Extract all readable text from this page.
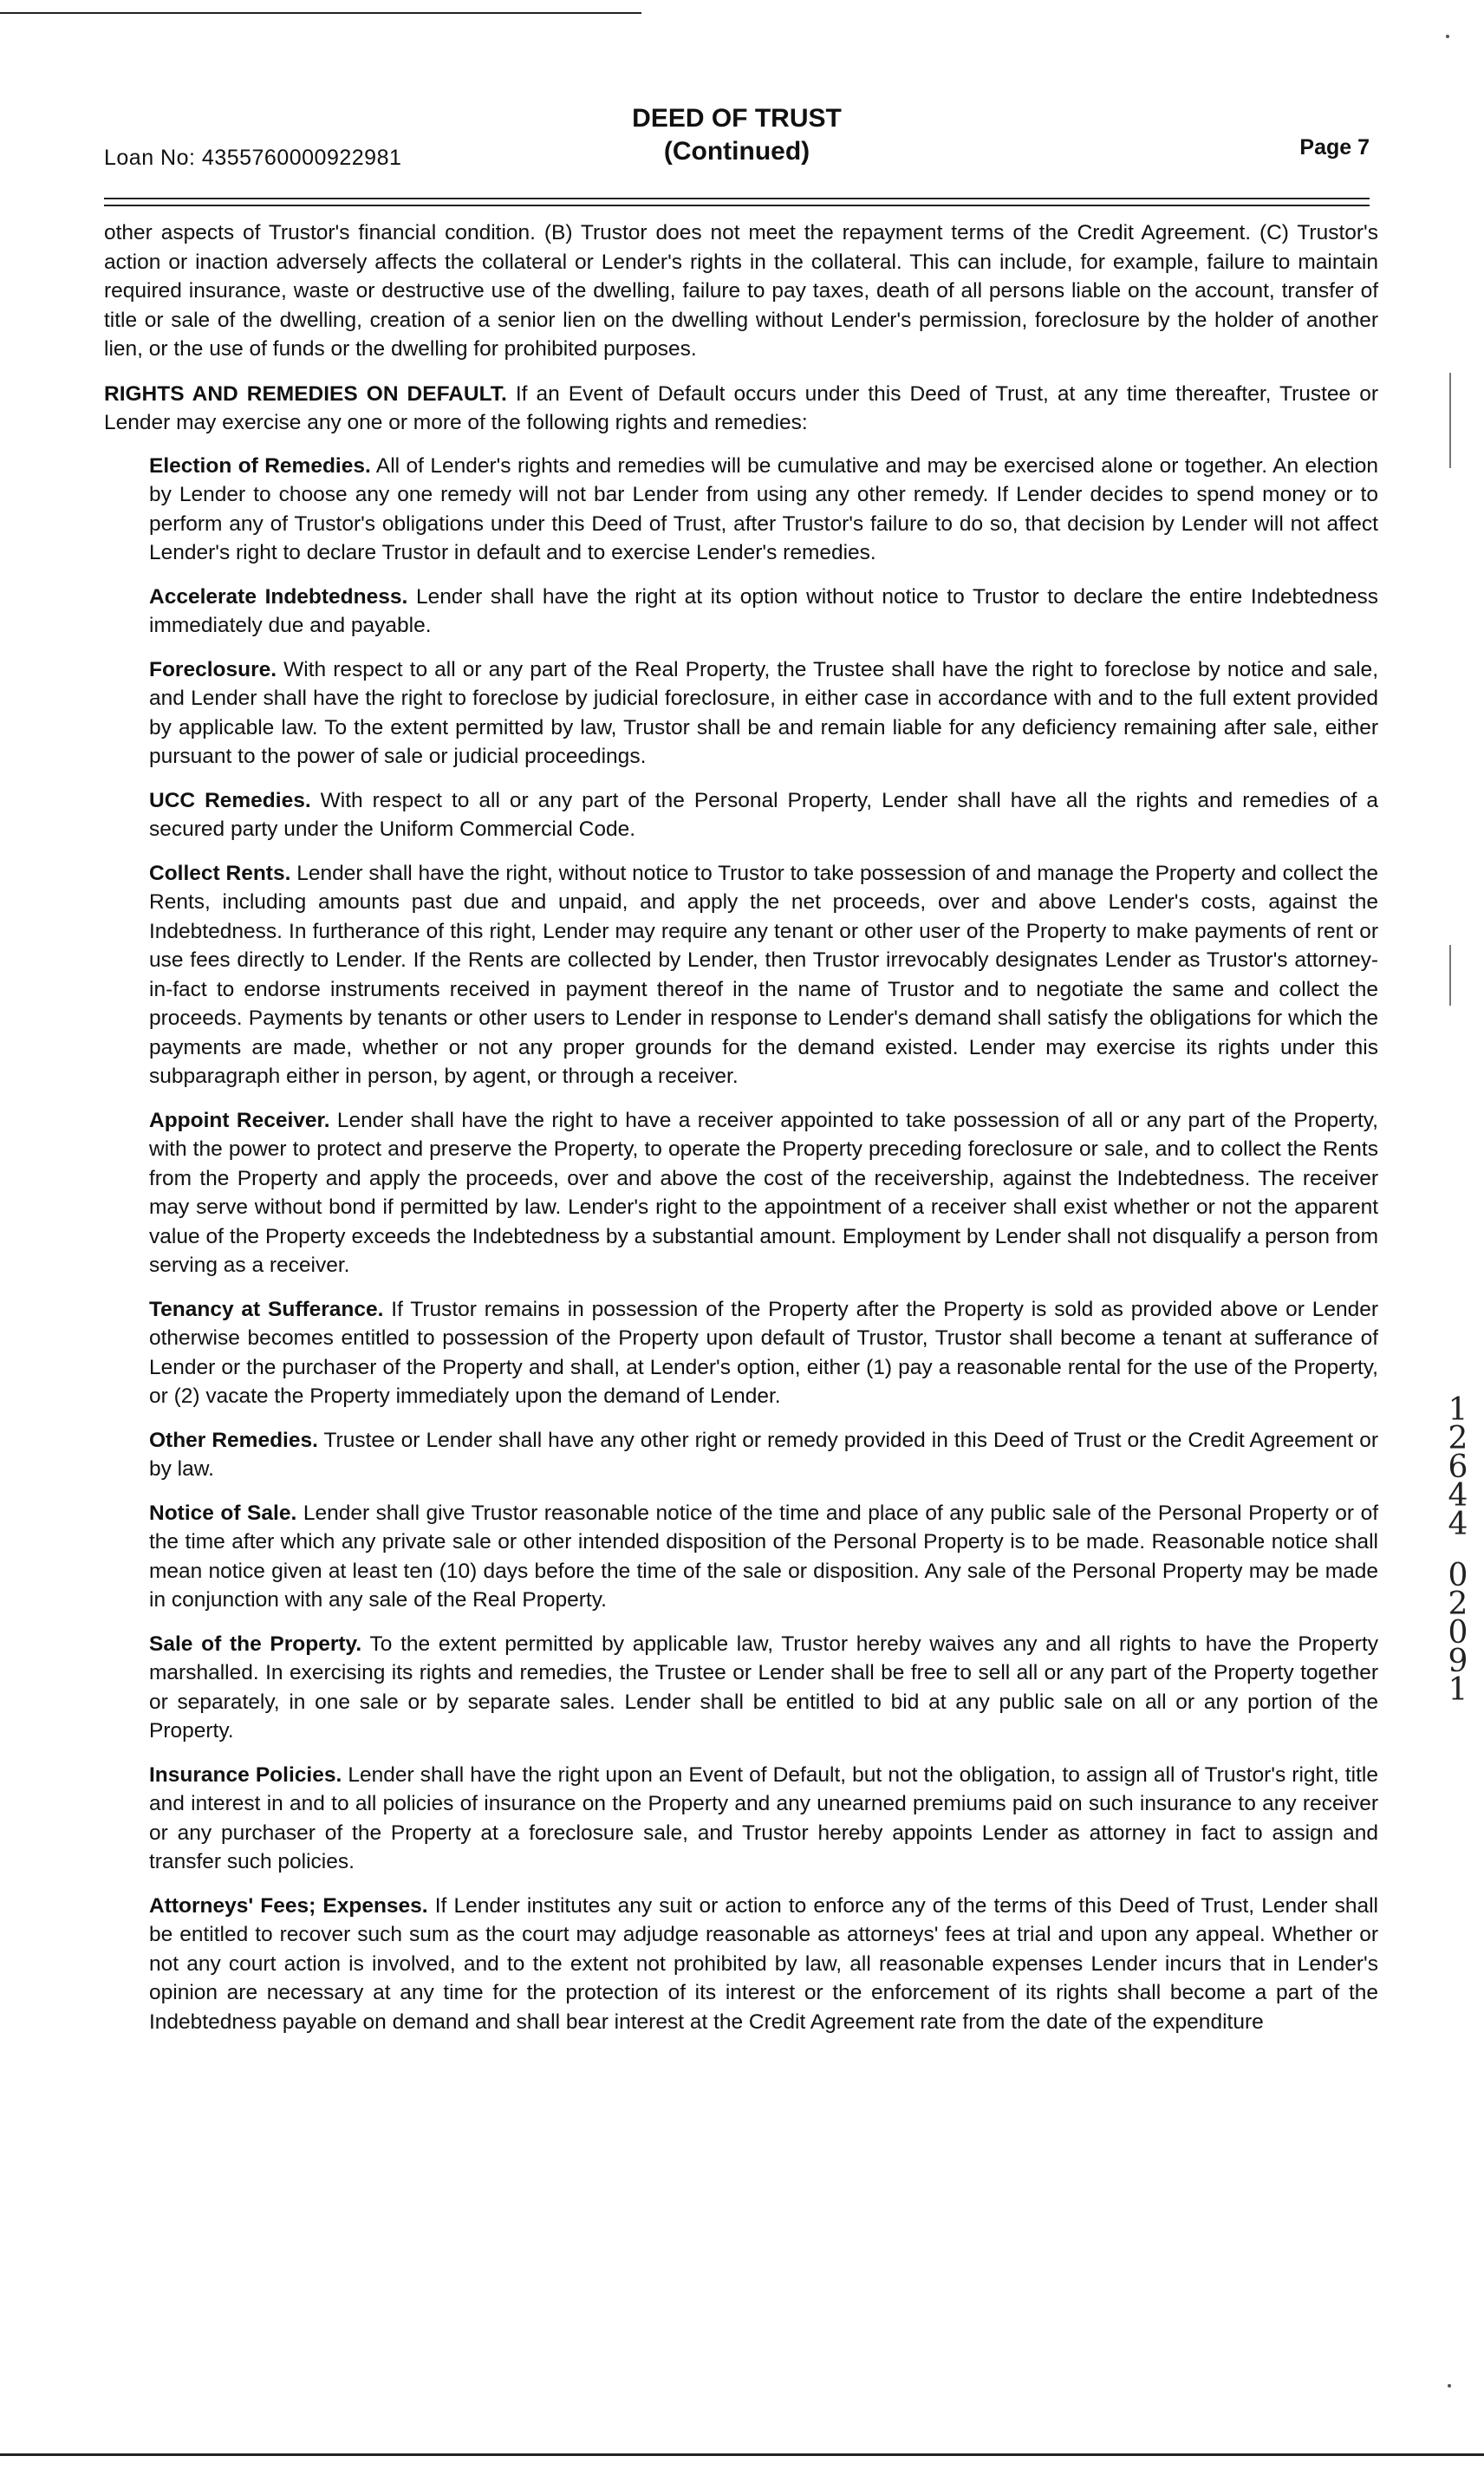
Loan No: 4355760000922981
DEED OF TRUST
(Continued)	Page 7

other aspects of Trustor's financial condition. (B) Trustor does not meet the repayment terms of the Credit Agreement. (C) Trustor's action or inaction adversely affects the collateral or Lender's rights in the collateral. This can include, for example, failure to maintain required insurance, waste or destructive use of the dwelling, failure to pay taxes, death of all persons liable on the account, transfer of title or sale of the dwelling, creation of a senior lien on the dwelling without Lender's permission, foreclosure by the holder of another lien, or the use of funds or the dwelling for prohibited purposes.

RIGHTS AND REMEDIES ON DEFAULT. If an Event of Default occurs under this Deed of Trust, at any time thereafter, Trustee or Lender may exercise any one or more of the following rights and remedies:

Election of Remedies. All of Lender's rights and remedies will be cumulative and may be exercised alone or together. An election by Lender to choose any one remedy will not bar Lender from using any other remedy. If Lender decides to spend money or to perform any of Trustor's obligations under this Deed of Trust, after Trustor's failure to do so, that decision by Lender will not affect Lender's right to declare Trustor in default and to exercise Lender's remedies.

Accelerate Indebtedness. Lender shall have the right at its option without notice to Trustor to declare the entire Indebtedness immediately due and payable.

Foreclosure. With respect to all or any part of the Real Property, the Trustee shall have the right to foreclose by notice and sale, and Lender shall have the right to foreclose by judicial foreclosure, in either case in accordance with and to the full extent provided by applicable law. To the extent permitted by law, Trustor shall be and remain liable for any deficiency remaining after sale, either pursuant to the power of sale or judicial proceedings.

UCC Remedies. With respect to all or any part of the Personal Property, Lender shall have all the rights and remedies of a secured party under the Uniform Commercial Code.

Collect Rents. Lender shall have the right, without notice to Trustor to take possession of and manage the Property and collect the Rents, including amounts past due and unpaid, and apply the net proceeds, over and above Lender's costs, against the Indebtedness. In furtherance of this right, Lender may require any tenant or other user of the Property to make payments of rent or use fees directly to Lender. If the Rents are collected by Lender, then Trustor irrevocably designates Lender as Trustor's attorney-in-fact to endorse instruments received in payment thereof in the name of Trustor and to negotiate the same and collect the proceeds. Payments by tenants or other users to Lender in response to Lender's demand shall satisfy the obligations for which the payments are made, whether or not any proper grounds for the demand existed. Lender may exercise its rights under this subparagraph either in person, by agent, or through a receiver.

Appoint Receiver. Lender shall have the right to have a receiver appointed to take possession of all or any part of the Property, with the power to protect and preserve the Property, to operate the Property preceding foreclosure or sale, and to collect the Rents from the Property and apply the proceeds, over and above the cost of the receivership, against the Indebtedness. The receiver may serve without bond if permitted by law. Lender's right to the appointment of a receiver shall exist whether or not the apparent value of the Property exceeds the Indebtedness by a substantial amount. Employment by Lender shall not disqualify a person from serving as a receiver.

Tenancy at Sufferance. If Trustor remains in possession of the Property after the Property is sold as provided above or Lender otherwise becomes entitled to possession of the Property upon default of Trustor, Trustor shall become a tenant at sufferance of Lender or the purchaser of the Property and shall, at Lender's option, either (1) pay a reasonable rental for the use of the Property, or (2) vacate the Property immediately upon the demand of Lender.

Other Remedies. Trustee or Lender shall have any other right or remedy provided in this Deed of Trust or the Credit Agreement or by law.

Notice of Sale. Lender shall give Trustor reasonable notice of the time and place of any public sale of the Personal Property or of the time after which any private sale or other intended disposition of the Personal Property is to be made. Reasonable notice shall mean notice given at least ten (10) days before the time of the sale or disposition. Any sale of the Personal Property may be made in conjunction with any sale of the Real Property.

Sale of the Property. To the extent permitted by applicable law, Trustor hereby waives any and all rights to have the Property marshalled. In exercising its rights and remedies, the Trustee or Lender shall be free to sell all or any part of the Property together or separately, in one sale or by separate sales. Lender shall be entitled to bid at any public sale on all or any portion of the Property.

Insurance Policies. Lender shall have the right upon an Event of Default, but not the obligation, to assign all of Trustor's right, title and interest in and to all policies of insurance on the Property and any unearned premiums paid on such insurance to any receiver or any purchaser of the Property at a foreclosure sale, and Trustor hereby appoints Lender as attorney in fact to assign and transfer such policies.

Attorneys' Fees; Expenses. If Lender institutes any suit or action to enforce any of the terms of this Deed of Trust, Lender shall be entitled to recover such sum as the court may adjudge reasonable as attorneys' fees at trial and upon any appeal. Whether or not any court action is involved, and to the extent not prohibited by law, all reasonable expenses Lender incurs that in Lender's opinion are necessary at any time for the protection of its interest or the enforcement of its rights shall become a part of the Indebtedness payable on demand and shall bear interest at the Credit Agreement rate from the date of the expenditure

1
2
6
4
4
0
2
0
9
1
